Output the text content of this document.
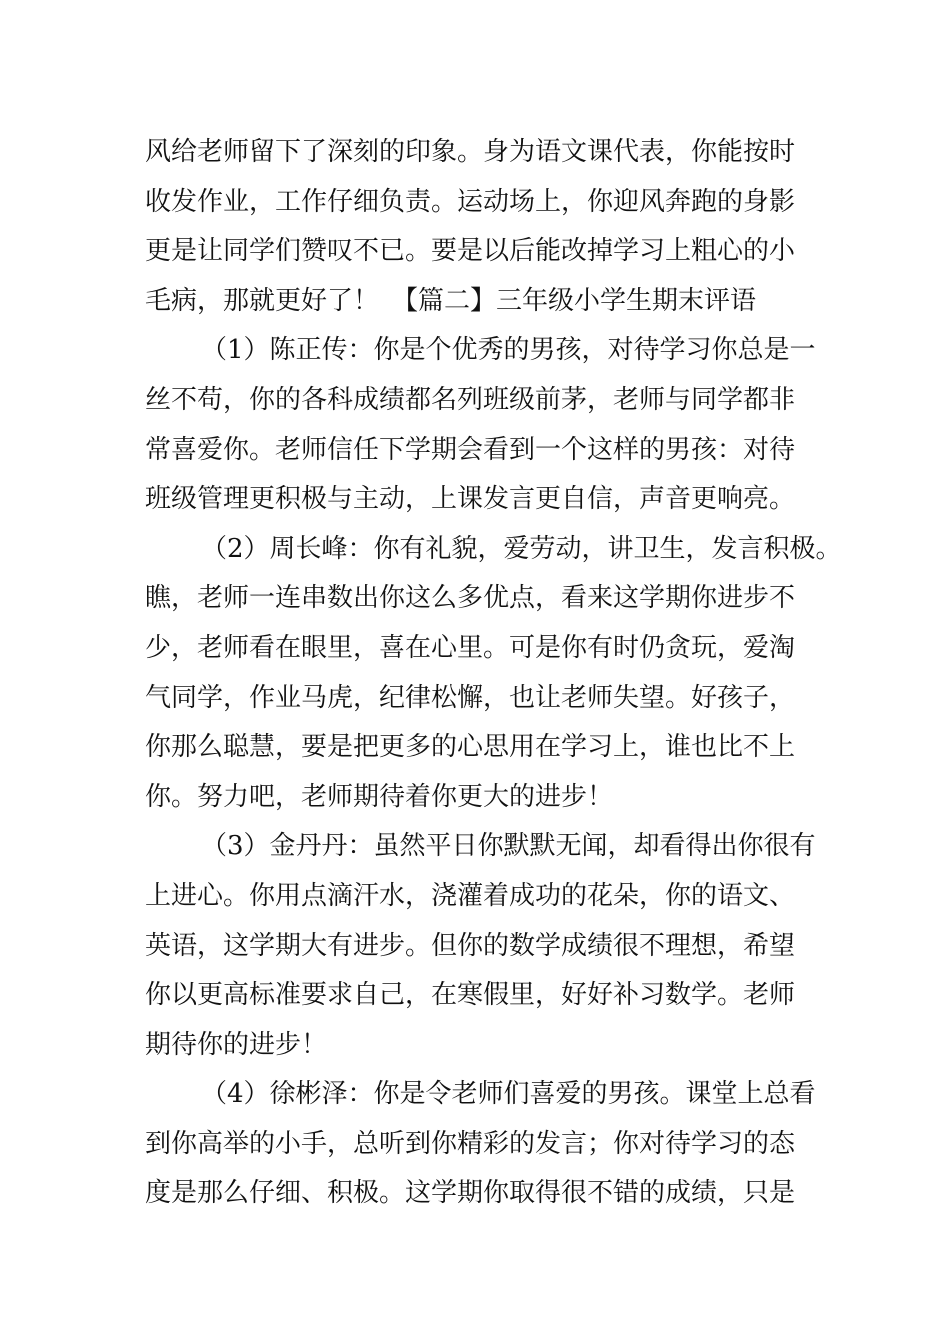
风给老师留下了深刻的印象。身为语文课代表，你能按时
收发作业，工作仔细负责。运动场上，你迎风奔跑的身影
更是让同学们赞叹不已。要是以后能改掉学习上粗心的小
毛病，那就更好了！　【篇二】三年级小学生期末评语
（1）陈正传：你是个优秀的男孩，对待学习你总是一
丝不苟，你的各科成绩都名列班级前茅，老师与同学都非
常喜爱你。老师信任下学期会看到一个这样的男孩：对待
班级管理更积极与主动，上课发言更自信，声音更响亮。
（2）周长峰：你有礼貌，爱劳动，讲卫生，发言积极。
瞧，老师一连串数出你这么多优点，看来这学期你进步不
少，老师看在眼里，喜在心里。可是你有时仍贪玩，爱淘
气同学，作业马虎，纪律松懈，也让老师失望。好孩子，
你那么聪慧，要是把更多的心思用在学习上，谁也比不上
你。努力吧，老师期待着你更大的进步！
（3）金丹丹：虽然平日你默默无闻，却看得出你很有
上进心。你用点滴汗水，浇灌着成功的花朵，你的语文、
英语，这学期大有进步。但你的数学成绩很不理想，希望
你以更高标准要求自己，在寒假里，好好补习数学。老师
期待你的进步！
（4）徐彬泽：你是令老师们喜爱的男孩。课堂上总看
到你高举的小手，总听到你精彩的发言；你对待学习的态
度是那么仔细、积极。这学期你取得很不错的成绩，只是
